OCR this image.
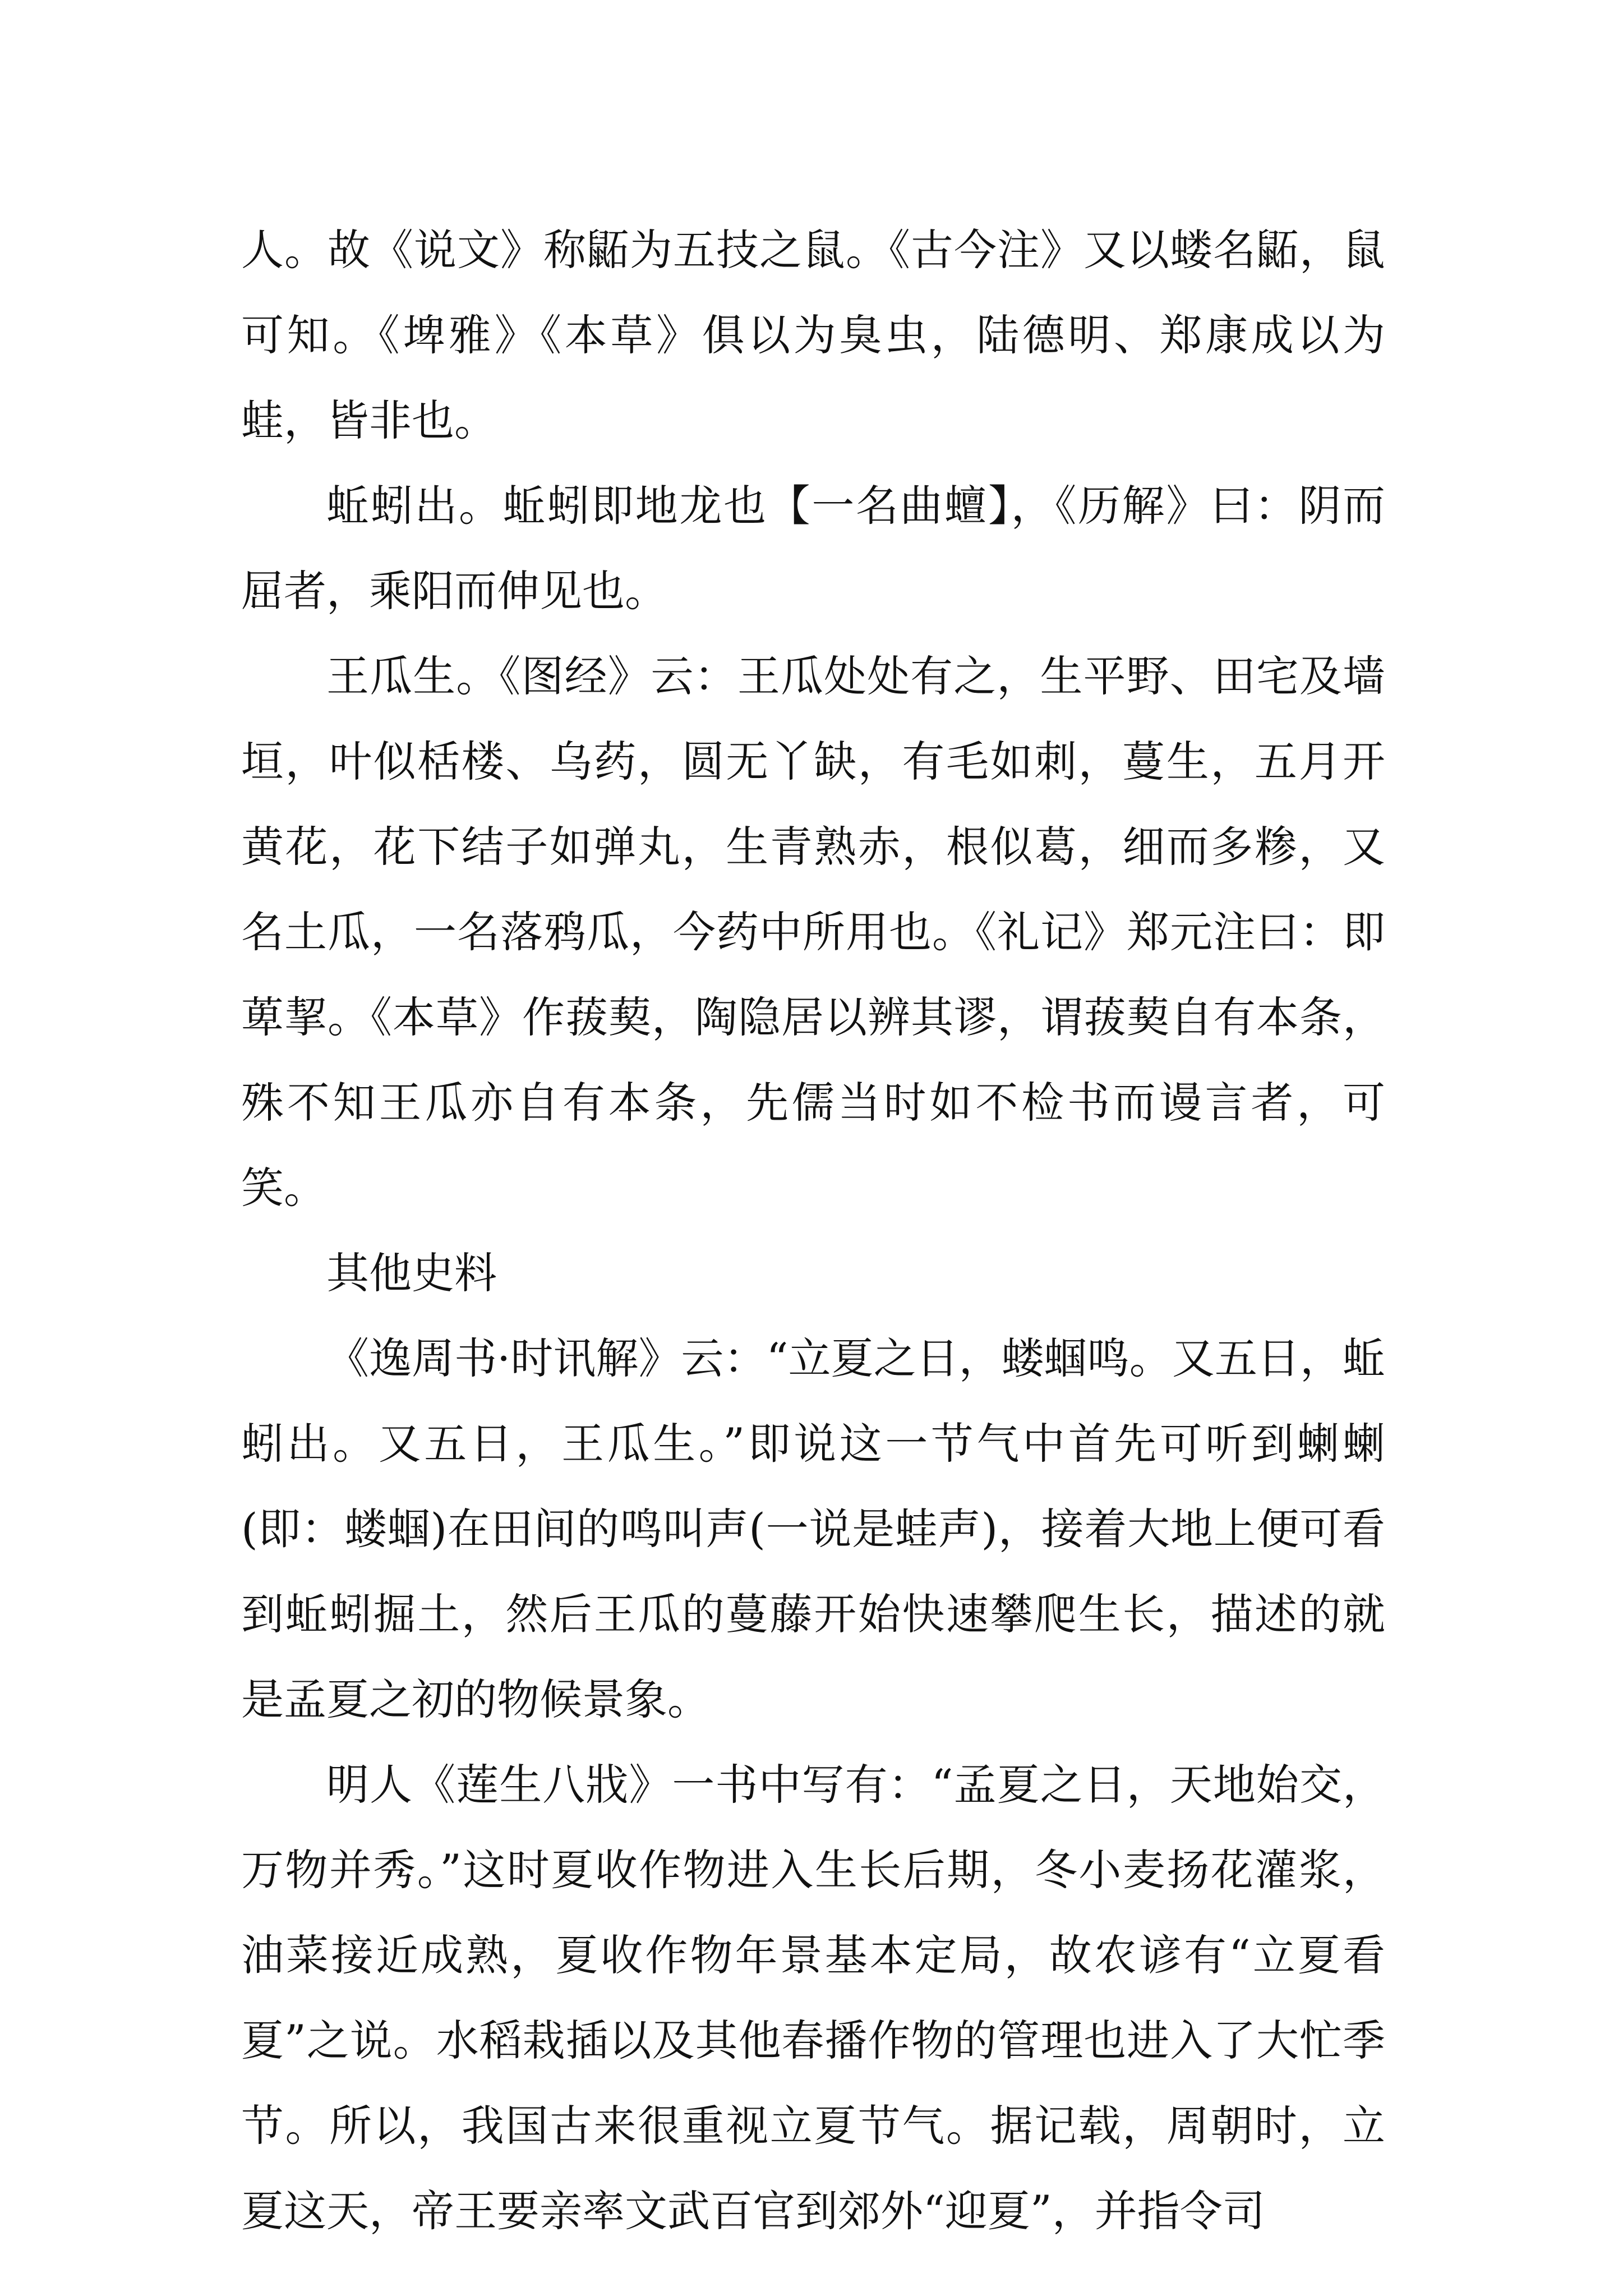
人。故《说文》称鼫为五技之鼠。《古今注》又以蝼名鼫，鼠可知。《埤雅》《本草》俱以为臭虫，陆德明、郑康成以为蛙，皆非也。

蚯蚓出。蚯蚓即地龙也【一名曲蟺】，《历解》曰：阴而屈者，乘阳而伸见也。

王瓜生。《图经》云：王瓜处处有之，生平野、田宅及墙垣，叶似栝楼、乌药，圆无丫缺，有毛如刺，蔓生，五月开黄花，花下结子如弹丸，生青熟赤，根似葛，细而多糁，又名土瓜，一名落鸦瓜，今药中所用也。《礼记》郑元注曰：即萆挈。《本草》作菝葜，陶隐居以辨其谬，谓菝葜自有本条，殊不知王瓜亦自有本条，先儒当时如不检书而谩言者，可笑。

其他史料

《逸周书·时讯解》云：“立夏之日，蝼蝈鸣。又五日，蚯蚓出。又五日，王瓜生。”即说这一节气中首先可听到蝲蝲(即：蝼蝈)在田间的鸣叫声(一说是蛙声)，接着大地上便可看到蚯蚓掘土，然后王瓜的蔓藤开始快速攀爬生长，描述的就是孟夏之初的物候景象。

明人《莲生八戕》一书中写有：“孟夏之日，天地始交，万物并秀。”这时夏收作物进入生长后期，冬小麦扬花灌浆，油菜接近成熟，夏收作物年景基本定局，故农谚有“立夏看夏”之说。水稻栽插以及其他春播作物的管理也进入了大忙季节。所以，我国古来很重视立夏节气。据记载，周朝时，立夏这天，帝王要亲率文武百官到郊外“迎夏”，并指令司
